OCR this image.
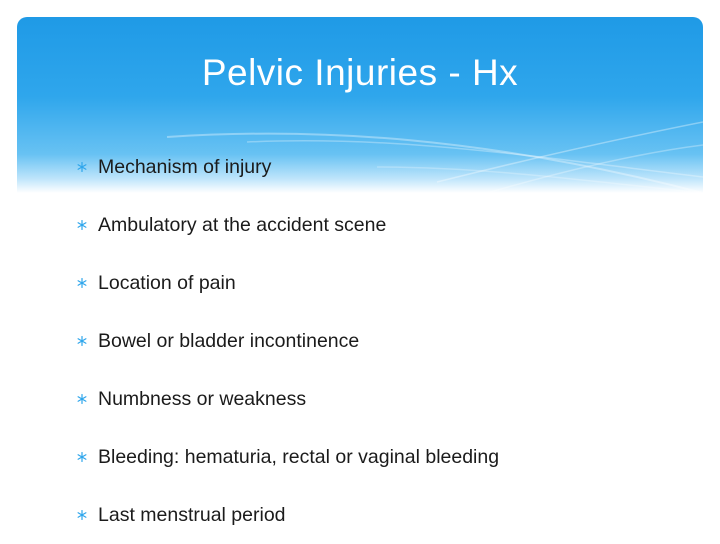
Pelvic Injuries - Hx
Mechanism of injury
Ambulatory at the accident scene
Location of pain
Bowel or bladder incontinence
Numbness or weakness
Bleeding: hematuria, rectal or vaginal bleeding
Last menstrual period
